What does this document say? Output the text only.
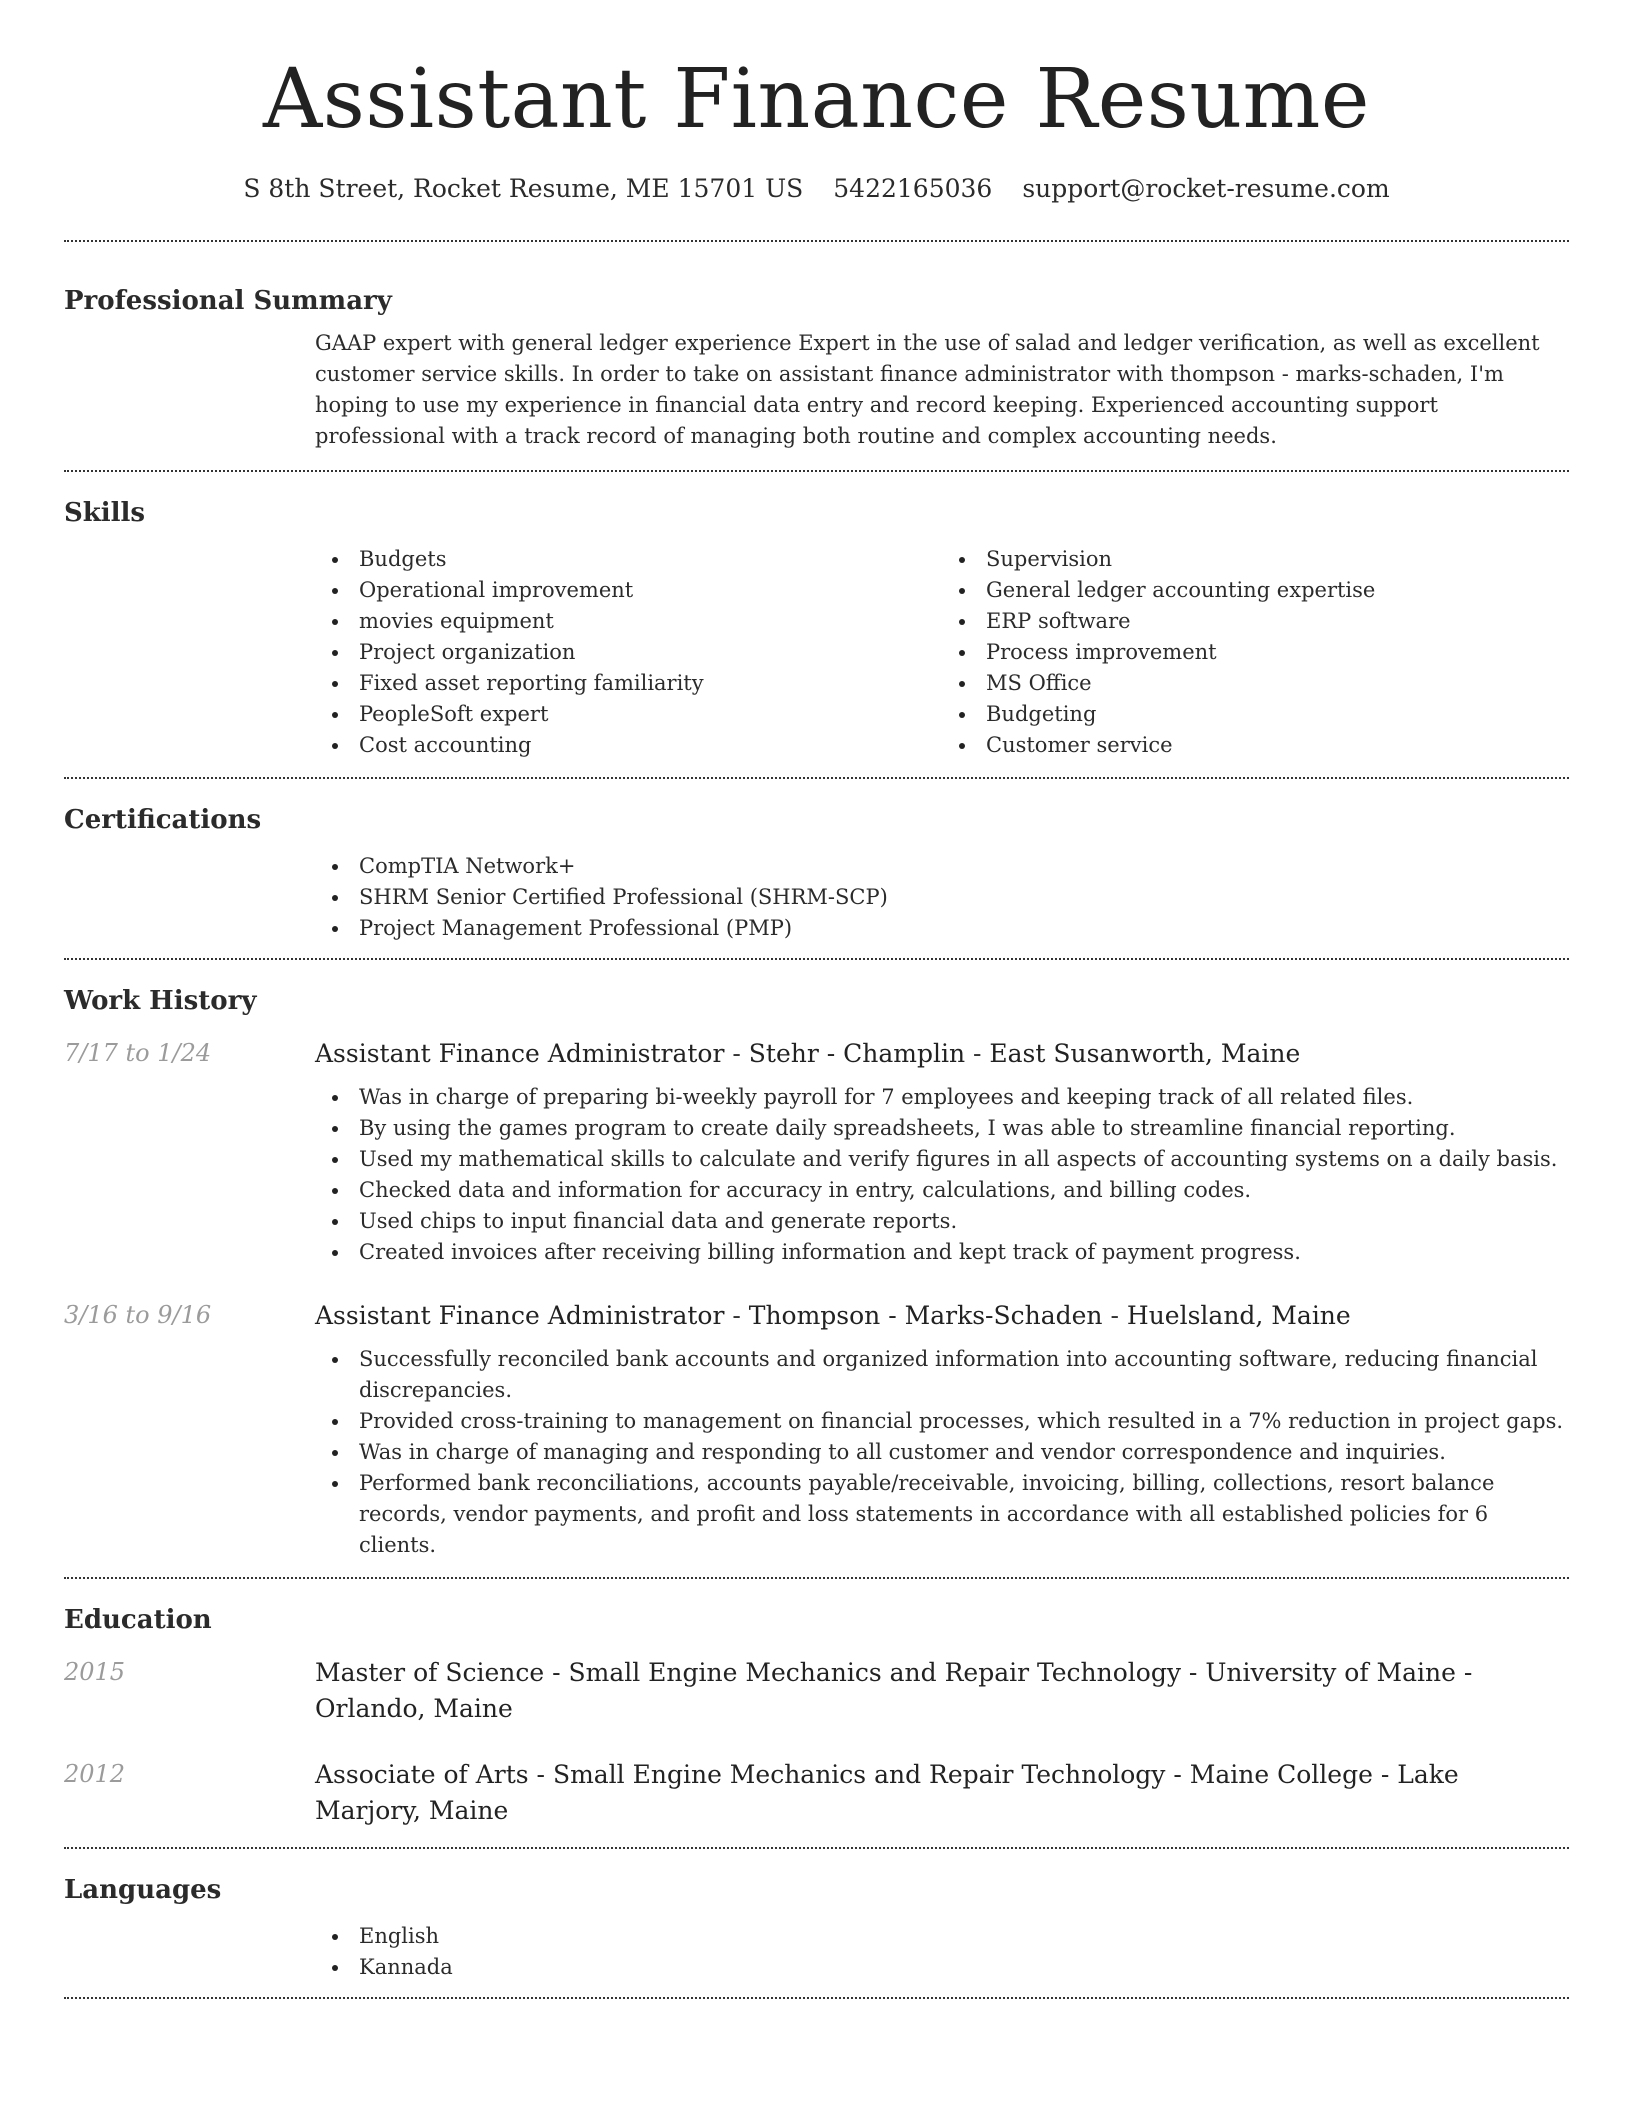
Assistant Finance Resume
S 8th Street, Rocket Resume, ME 15701 US 5422165036 support@rocket-resume.com
Professional Summary
GAAP expert with general ledger experience Expert in the use of salad and ledger verification, as well as excellent customer service skills. In order to take on assistant finance administrator with thompson - marks-schaden, I'm hoping to use my experience in financial data entry and record keeping. Experienced accounting support professional with a track record of managing both routine and complex accounting needs.
Skills
Budgets
Operational improvement
movies equipment
Project organization
Fixed asset reporting familiarity
PeopleSoft expert
Cost accounting
Supervision
General ledger accounting expertise
ERP software
Process improvement
MS Office
Budgeting
Customer service
Certifications
CompTIA Network+
SHRM Senior Certified Professional (SHRM-SCP)
Project Management Professional (PMP)
Work History
7/17 to 1/24	Assistant Finance Administrator - Stehr - Champlin - East Susanworth, Maine
Was in charge of preparing bi-weekly payroll for 7 employees and keeping track of all related files.
By using the games program to create daily spreadsheets, I was able to streamline financial reporting.
Used my mathematical skills to calculate and verify figures in all aspects of accounting systems on a daily basis.
Checked data and information for accuracy in entry, calculations, and billing codes.
Used chips to input financial data and generate reports.
Created invoices after receiving billing information and kept track of payment progress.
3/16 to 9/16	Assistant Finance Administrator - Thompson - Marks-Schaden - Huelsland, Maine
Successfully reconciled bank accounts and organized information into accounting software, reducing financial discrepancies.
Provided cross-training to management on financial processes, which resulted in a 7% reduction in project gaps.
Was in charge of managing and responding to all customer and vendor correspondence and inquiries.
Performed bank reconciliations, accounts payable/receivable, invoicing, billing, collections, resort balance records, vendor payments, and profit and loss statements in accordance with all established policies for 6 clients.
Education
2015	Master of Science - Small Engine Mechanics and Repair Technology - University of Maine - Orlando, Maine
2012	Associate of Arts - Small Engine Mechanics and Repair Technology - Maine College - Lake Marjory, Maine
Languages
English
Kannada
